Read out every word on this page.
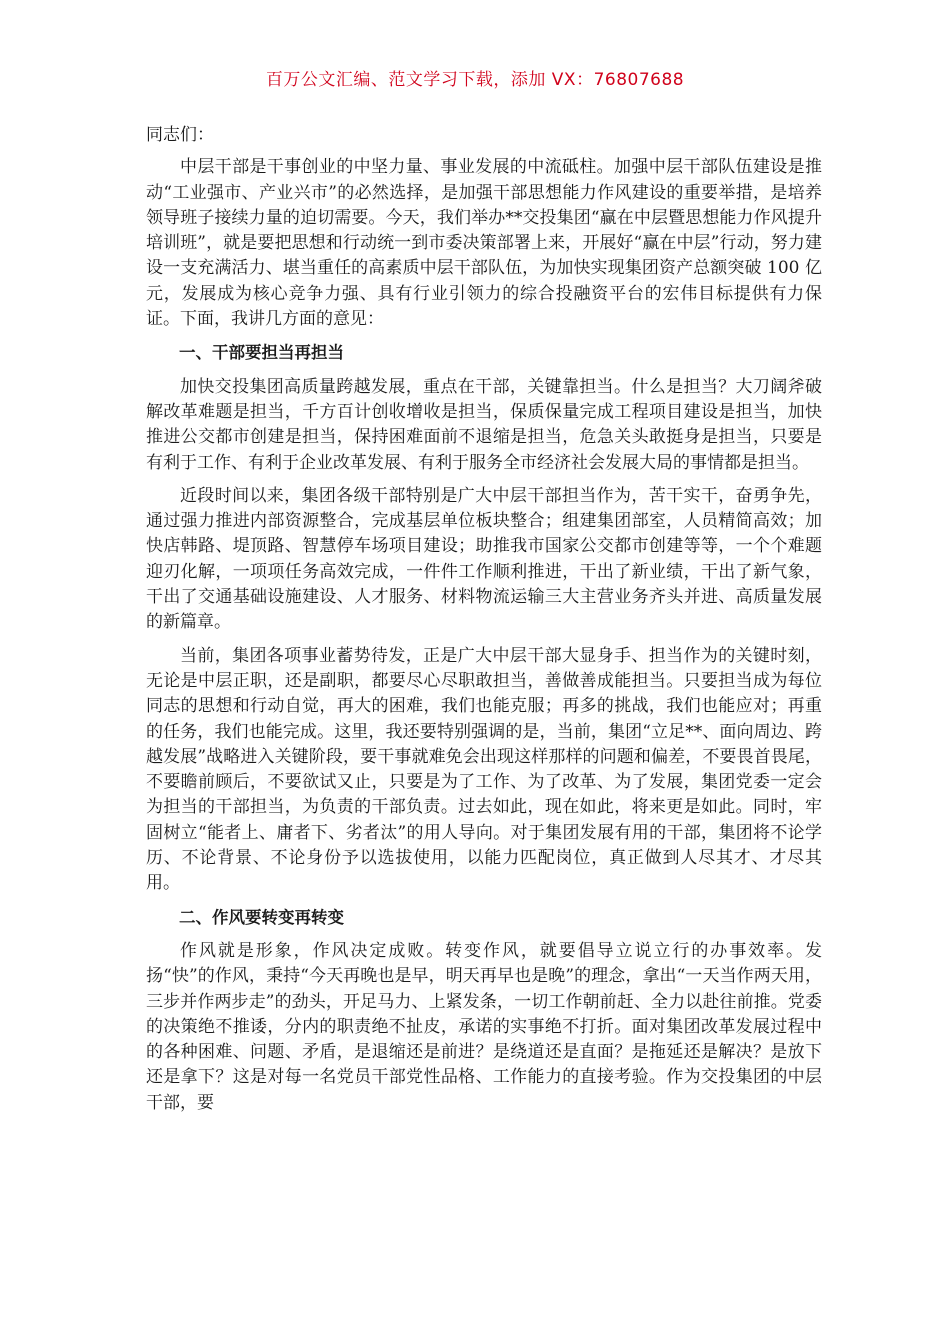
百万公文汇编、范文学习下载，添加 VX：76807688

同志们：

中层干部是干事创业的中坚力量、事业发展的中流砥柱。加强中层干部队伍建设是推动“工业强市、产业兴市”的必然选择，是加强干部思想能力作风建设的重要举措，是培养领导班子接续力量的迫切需要。今天，我们举办**交投集团“赢在中层暨思想能力作风提升培训班”，就是要把思想和行动统一到市委决策部署上来，开展好“赢在中层”行动，努力建设一支充满活力、堪当重任的高素质中层干部队伍，为加快实现集团资产总额突破 100 亿元，发展成为核心竞争力强、具有行业引领力的综合投融资平台的宏伟目标提供有力保证。下面，我讲几方面的意见：

一、干部要担当再担当

加快交投集团高质量跨越发展，重点在干部，关键靠担当。什么是担当？大刀阔斧破解改革难题是担当，千方百计创收增收是担当，保质保量完成工程项目建设是担当，加快推进公交都市创建是担当，保持困难面前不退缩是担当，危急关头敢挺身是担当，只要是有利于工作、有利于企业改革发展、有利于服务全市经济社会发展大局的事情都是担当。

近段时间以来，集团各级干部特别是广大中层干部担当作为，苦干实干，奋勇争先，通过强力推进内部资源整合，完成基层单位板块整合；组建集团部室，人员精简高效；加快店韩路、堤顶路、智慧停车场项目建设；助推我市国家公交都市创建等等，一个个难题迎刃化解，一项项任务高效完成，一件件工作顺利推进，干出了新业绩，干出了新气象，干出了交通基础设施建设、人才服务、材料物流运输三大主营业务齐头并进、高质量发展的新篇章。

当前，集团各项事业蓄势待发，正是广大中层干部大显身手、担当作为的关键时刻，无论是中层正职，还是副职，都要尽心尽职敢担当，善做善成能担当。只要担当成为每位同志的思想和行动自觉，再大的困难，我们也能克服；再多的挑战，我们也能应对；再重的任务，我们也能完成。这里，我还要特别强调的是，当前，集团“立足**、面向周边、跨越发展”战略进入关键阶段，要干事就难免会出现这样那样的问题和偏差，不要畏首畏尾，不要瞻前顾后，不要欲试又止，只要是为了工作、为了改革、为了发展，集团党委一定会为担当的干部担当，为负责的干部负责。过去如此，现在如此，将来更是如此。同时，牢固树立“能者上、庸者下、劣者汰”的用人导向。对于集团发展有用的干部，集团将不论学历、不论背景、不论身份予以选拔使用，以能力匹配岗位，真正做到人尽其才、才尽其用。

二、作风要转变再转变

作风就是形象，作风决定成败。转变作风，就要倡导立说立行的办事效率。发扬“快”的作风，秉持“今天再晚也是早，明天再早也是晚”的理念，拿出“一天当作两天用，三步并作两步走”的劲头，开足马力、上紧发条，一切工作朝前赶、全力以赴往前推。党委的决策绝不推诿，分内的职责绝不扯皮，承诺的实事绝不打折。面对集团改革发展过程中的各种困难、问题、矛盾，是退缩还是前进？是绕道还是直面？是拖延还是解决？是放下还是拿下？这是对每一名党员干部党性品格、工作能力的直接考验。作为交投集团的中层干部，要
